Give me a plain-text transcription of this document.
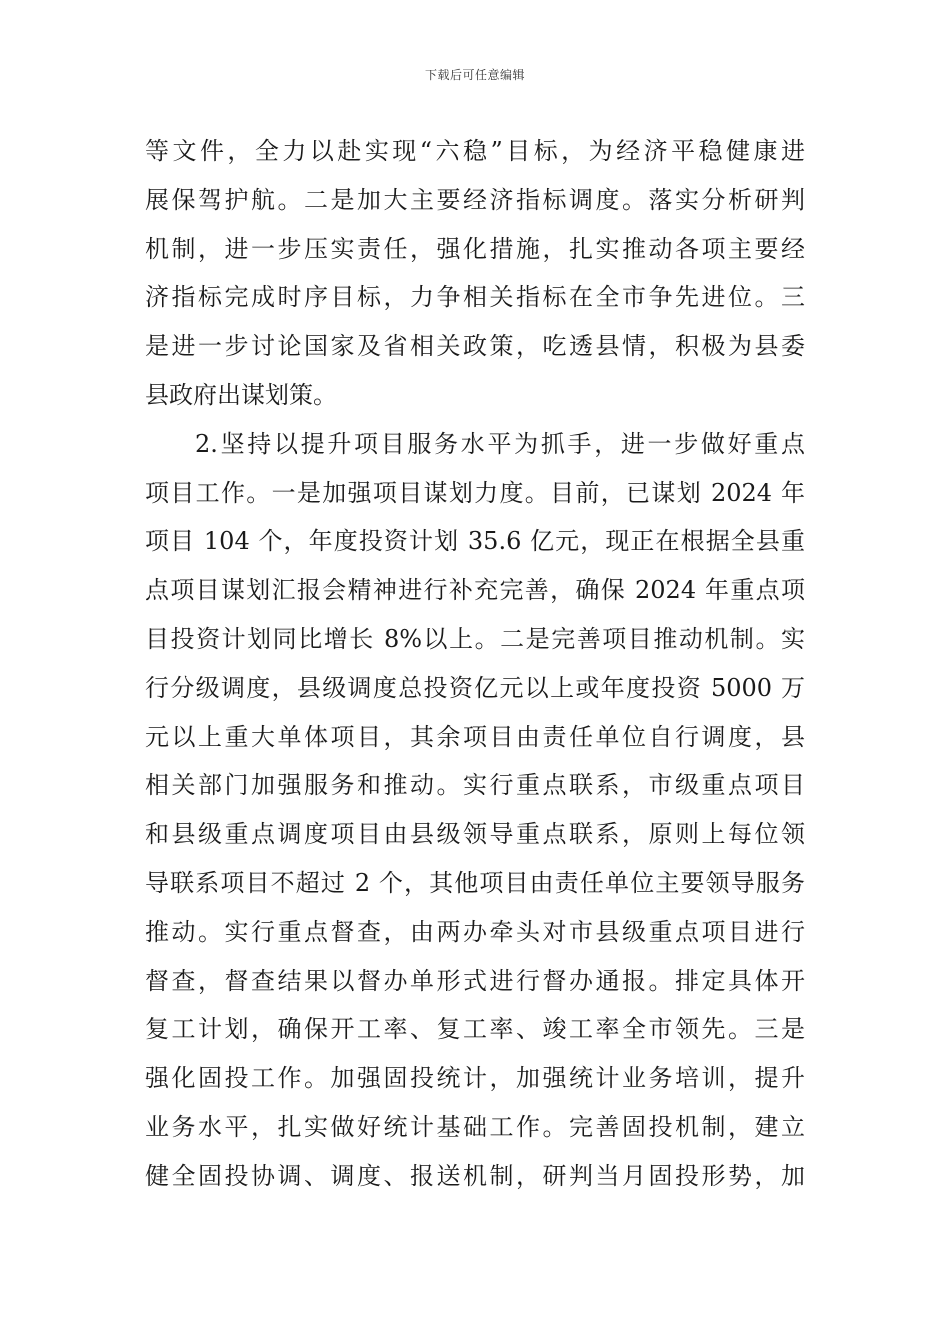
下载后可任意编辑
等文件，全力以赴实现“六稳”目标，为经济平稳健康进
展保驾护航。二是加大主要经济指标调度。落实分析研判
机制，进一步压实责任，强化措施，扎实推动各项主要经
济指标完成时序目标，力争相关指标在全市争先进位。三
是进一步讨论国家及省相关政策，吃透县情，积极为县委
县政府出谋划策。
2.坚持以提升项目服务水平为抓手，进一步做好重点
项目工作。一是加强项目谋划力度。目前，已谋划 2024 年
项目 104 个，年度投资计划 35.6 亿元，现正在根据全县重
点项目谋划汇报会精神进行补充完善，确保 2024 年重点项
目投资计划同比增长 8%以上。二是完善项目推动机制。实
行分级调度，县级调度总投资亿元以上或年度投资 5000 万
元以上重大单体项目，其余项目由责任单位自行调度，县
相关部门加强服务和推动。实行重点联系，市级重点项目
和县级重点调度项目由县级领导重点联系，原则上每位领
导联系项目不超过 2 个，其他项目由责任单位主要领导服务
推动。实行重点督查，由两办牵头对市县级重点项目进行
督查，督查结果以督办单形式进行督办通报。排定具体开
复工计划，确保开工率、复工率、竣工率全市领先。三是
强化固投工作。加强固投统计，加强统计业务培训，提升
业务水平，扎实做好统计基础工作。完善固投机制，建立
健全固投协调、调度、报送机制，研判当月固投形势，加
